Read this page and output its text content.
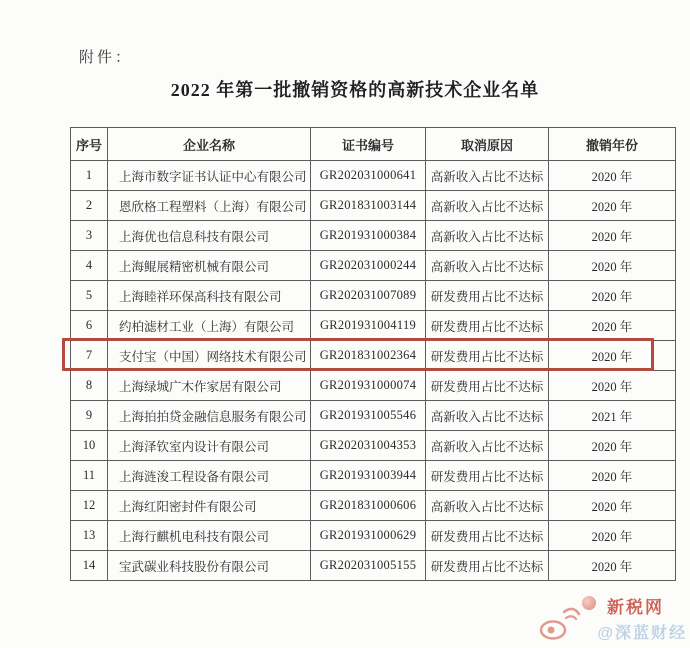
附件：
2022 年第一批撤销资格的高新技术企业名单
序号	企业名称	证书编号	取消原因	撤销年份
1	上海市数字证书认证中心有限公司	GR202031000641	高新收入占比不达标	2020 年
2	恩欣格工程塑料（上海）有限公司	GR201831003144	高新收入占比不达标	2020 年
3	上海优也信息科技有限公司	GR201931000384	高新收入占比不达标	2020 年
4	上海鲲展精密机械有限公司	GR202031000244	高新收入占比不达标	2020 年
5	上海睦祥环保高科技有限公司	GR202031007089	研发费用占比不达标	2020 年
6	约柏滤材工业（上海）有限公司	GR201931004119	研发费用占比不达标	2020 年
7	支付宝（中国）网络技术有限公司	GR201831002364	研发费用占比不达标	2020 年
8	上海绿城广木作家居有限公司	GR201931000074	研发费用占比不达标	2020 年
9	上海拍拍贷金融信息服务有限公司	GR201931005546	高新收入占比不达标	2021 年
10	上海泽钦室内设计有限公司	GR202031004353	高新收入占比不达标	2020 年
11	上海涟浚工程设备有限公司	GR201931003944	研发费用占比不达标	2020 年
12	上海红阳密封件有限公司	GR201831000606	高新收入占比不达标	2020 年
13	上海行麒机电科技有限公司	GR201931000629	研发费用占比不达标	2020 年
14	宝武碳业科技股份有限公司	GR202031005155	研发费用占比不达标	2020 年
新税网
@深蓝财经
